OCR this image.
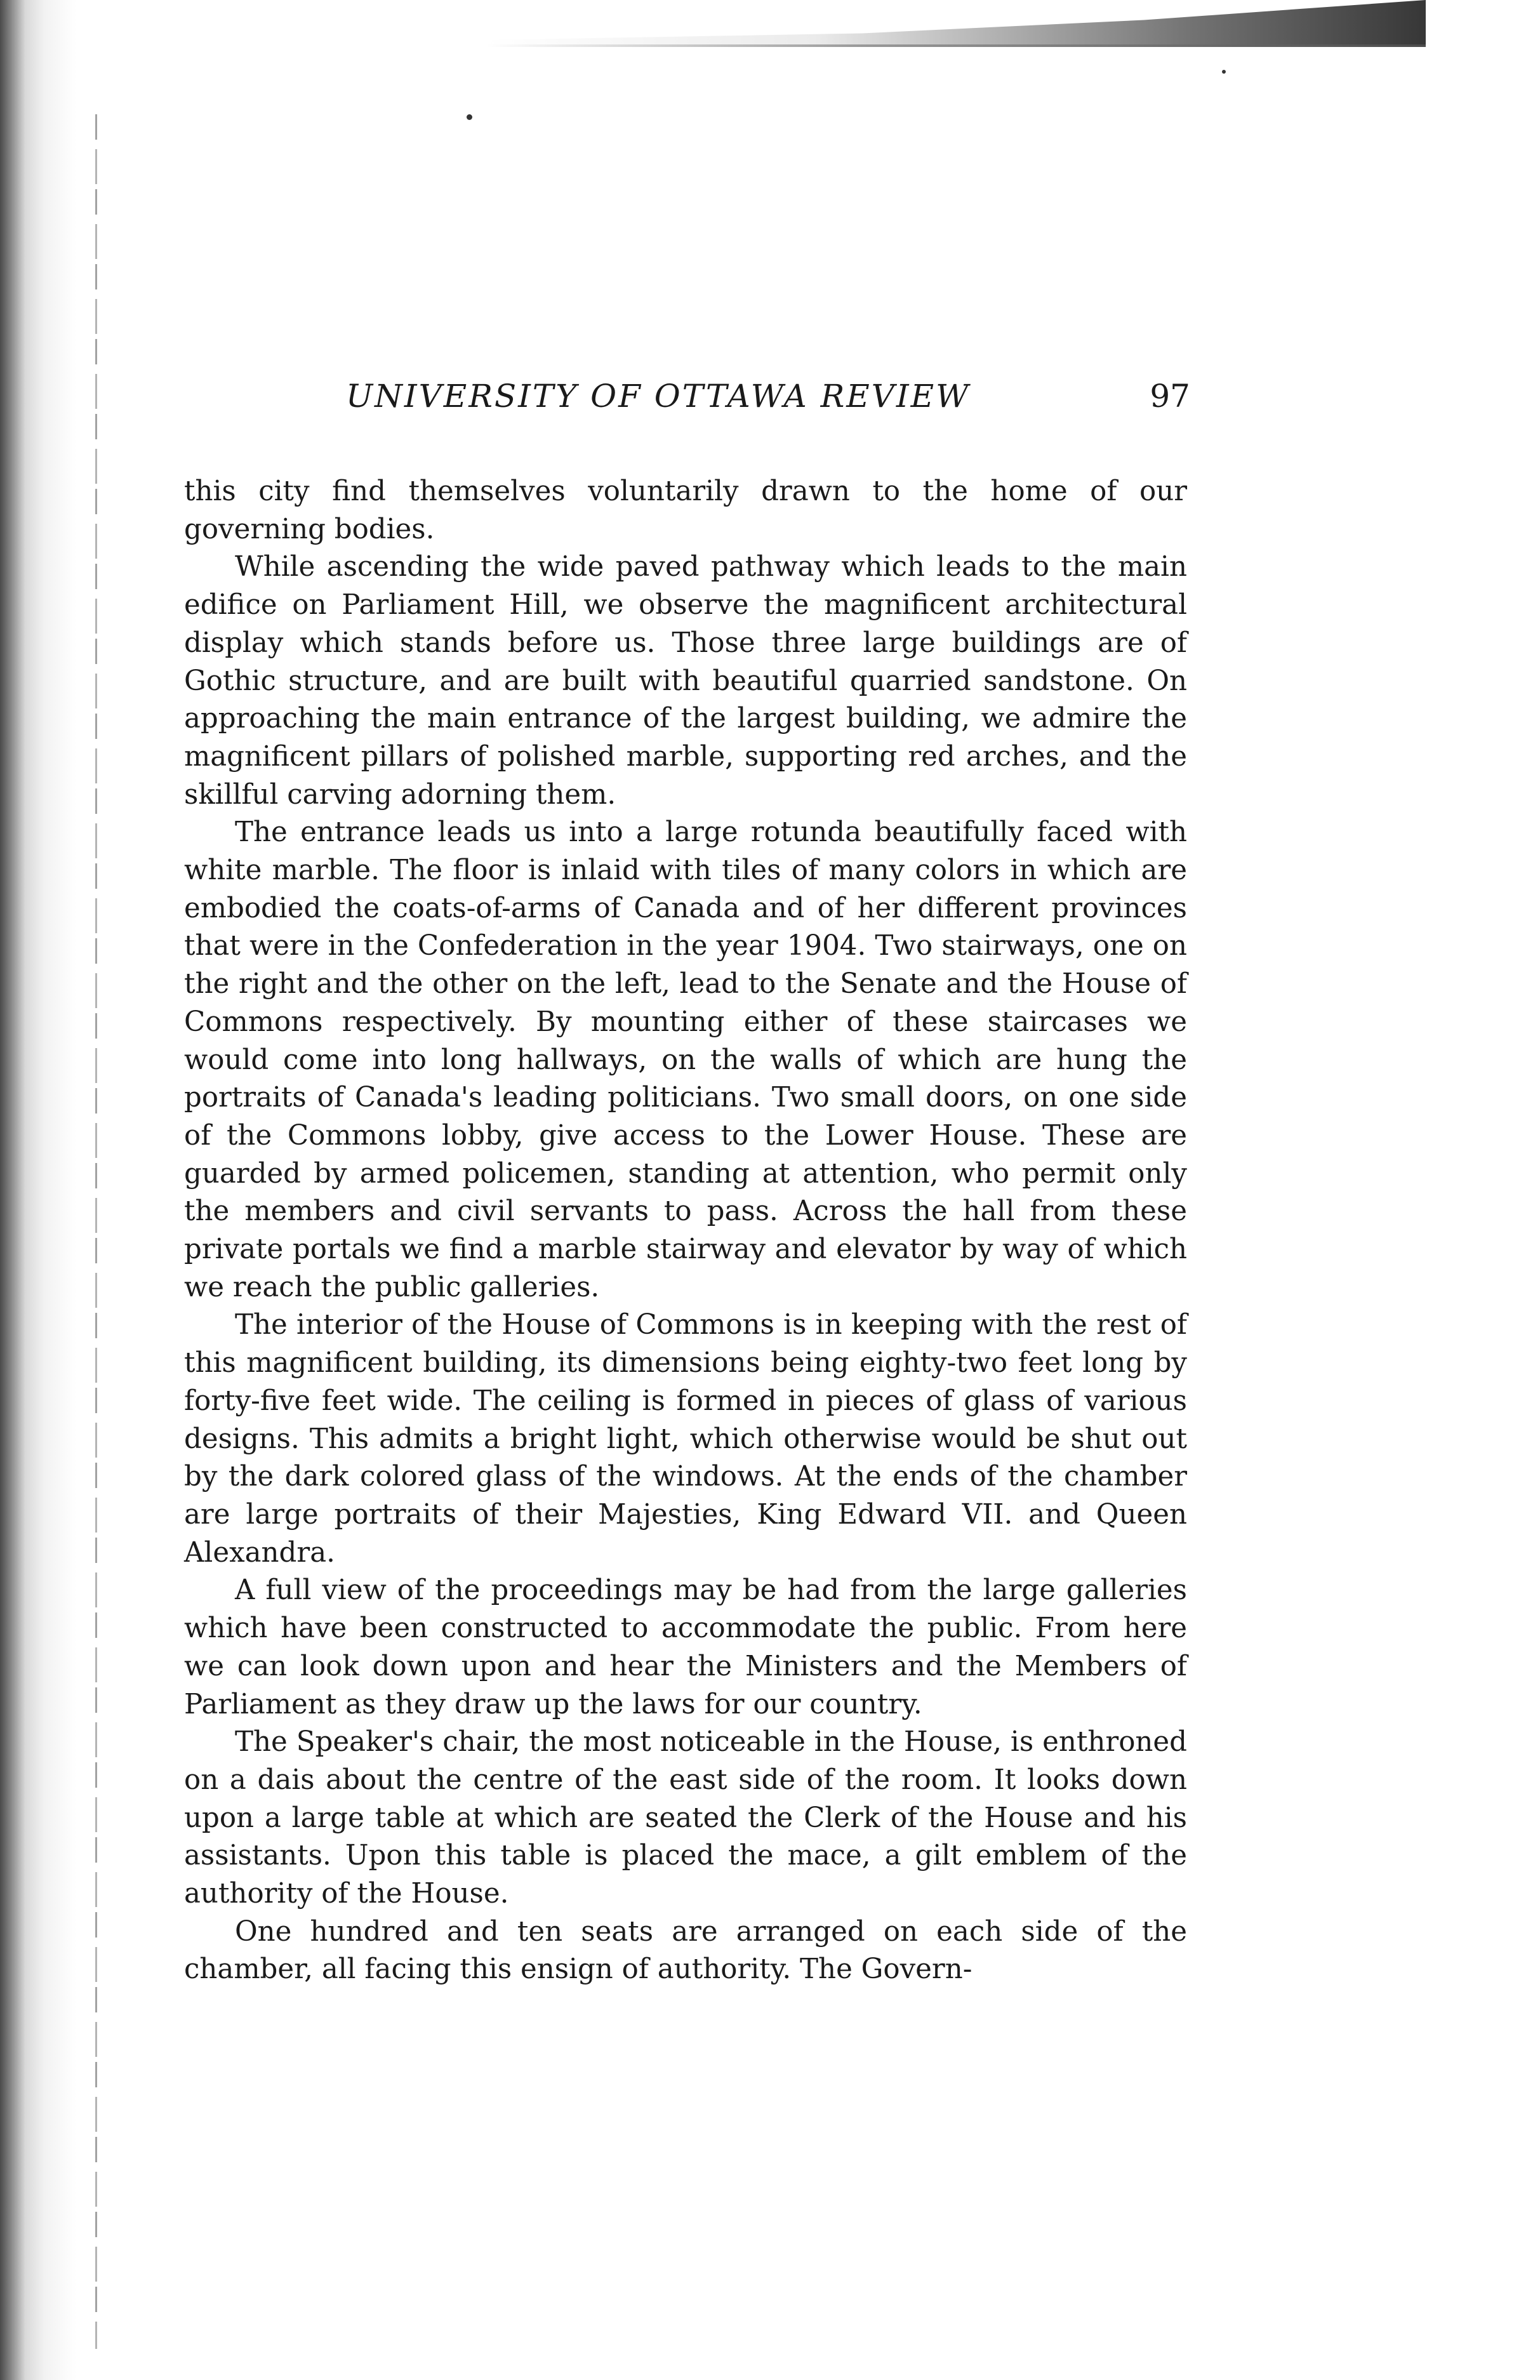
UNIVERSITY OF OTTAWA REVIEW	97

this city find themselves voluntarily drawn to the home of our governing bodies.

While ascending the wide paved pathway which leads to the main edifice on Parliament Hill, we observe the magnificent architectural display which stands before us. Those three large buildings are of Gothic structure, and are built with beautiful quarried sandstone. On approaching the main entrance of the largest building, we admire the magnificent pillars of polished marble, supporting red arches, and the skillful carving adorning them.

The entrance leads us into a large rotunda beautifully faced with white marble. The floor is inlaid with tiles of many colors in which are embodied the coats-of-arms of Canada and of her different provinces that were in the Confederation in the year 1904. Two stairways, one on the right and the other on the left, lead to the Senate and the House of Commons respectively. By mounting either of these staircases we would come into long hallways, on the walls of which are hung the portraits of Canada's leading politicians. Two small doors, on one side of the Commons lobby, give access to the Lower House. These are guarded by armed policemen, standing at attention, who permit only the members and civil servants to pass. Across the hall from these private portals we find a marble stairway and elevator by way of which we reach the public galleries.

The interior of the House of Commons is in keeping with the rest of this magnificent building, its dimensions being eighty-two feet long by forty-five feet wide. The ceiling is formed in pieces of glass of various designs. This admits a bright light, which otherwise would be shut out by the dark colored glass of the windows. At the ends of the chamber are large portraits of their Majesties, King Edward VII. and Queen Alexandra.

A full view of the proceedings may be had from the large galleries which have been constructed to accommodate the public. From here we can look down upon and hear the Ministers and the Members of Parliament as they draw up the laws for our country.

The Speaker's chair, the most noticeable in the House, is enthroned on a dais about the centre of the east side of the room. It looks down upon a large table at which are seated the Clerk of the House and his assistants. Upon this table is placed the mace, a gilt emblem of the authority of the House.

One hundred and ten seats are arranged on each side of the chamber, all facing this ensign of authority. The Govern-
